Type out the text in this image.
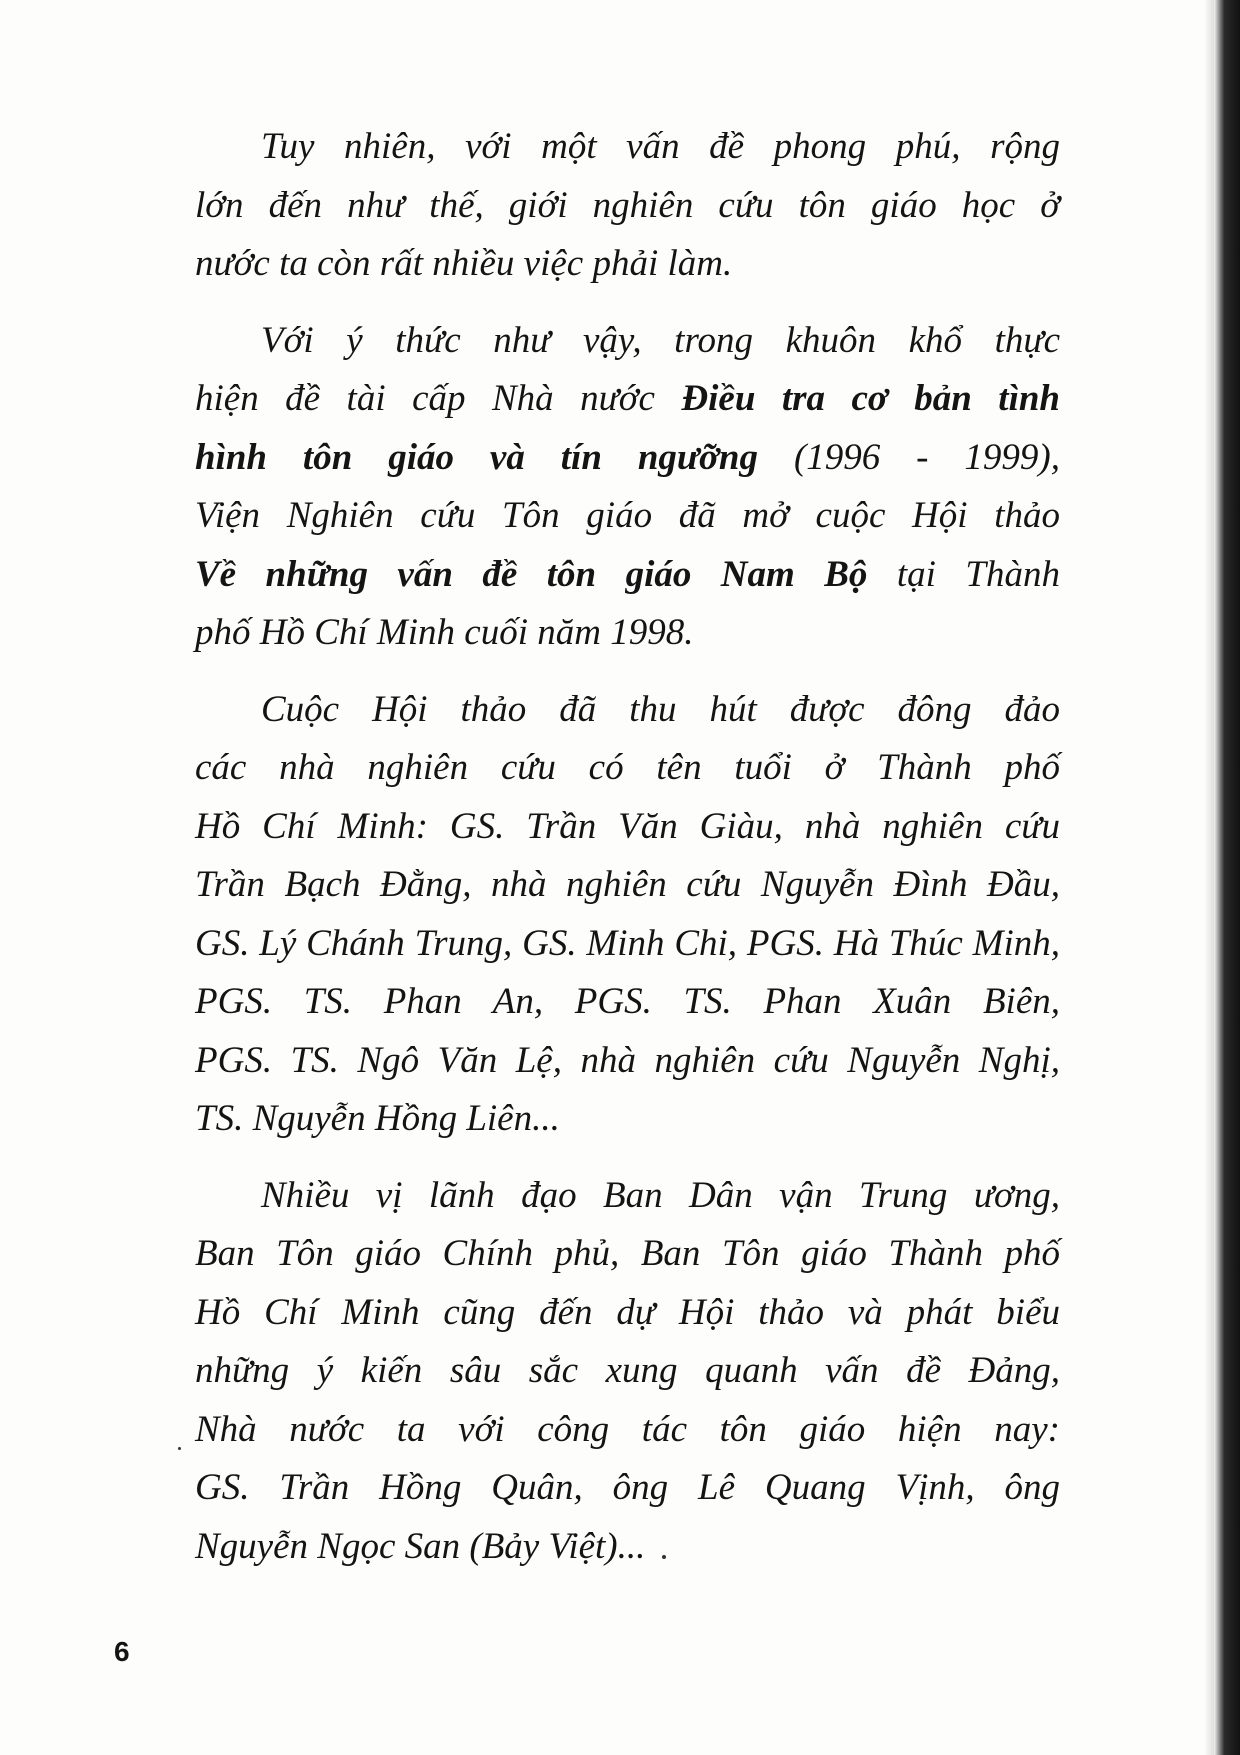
Tuy nhiên, với một vấn đề phong phú, rộng
lớn đến như thế, giới nghiên cứu tôn giáo học ở
nước ta còn rất nhiều việc phải làm.
Với ý thức như vậy, trong khuôn khổ thực
hiện đề tài cấp Nhà nước Điều tra cơ bản tình
hình tôn giáo và tín ngưỡng (1996 - 1999),
Viện Nghiên cứu Tôn giáo đã mở cuộc Hội thảo
Về những vấn đề tôn giáo Nam Bộ tại Thành
phố Hồ Chí Minh cuối năm 1998.
Cuộc Hội thảo đã thu hút được đông đảo
các nhà nghiên cứu có tên tuổi ở Thành phố
Hồ Chí Minh: GS. Trần Văn Giàu, nhà nghiên cứu
Trần Bạch Đằng, nhà nghiên cứu Nguyễn Đình Đầu,
GS. Lý Chánh Trung, GS. Minh Chi, PGS. Hà Thúc Minh,
PGS. TS. Phan An, PGS. TS. Phan Xuân Biên,
PGS. TS. Ngô Văn Lệ, nhà nghiên cứu Nguyễn Nghị,
TS. Nguyễn Hồng Liên...
Nhiều vị lãnh đạo Ban Dân vận Trung ương,
Ban Tôn giáo Chính phủ, Ban Tôn giáo Thành phố
Hồ Chí Minh cũng đến dự Hội thảo và phát biểu
những ý kiến sâu sắc xung quanh vấn đề Đảng,
Nhà nước ta với công tác tôn giáo hiện nay:
GS. Trần Hồng Quân, ông Lê Quang Vịnh, ông
Nguyễn Ngọc San (Bảy Việt)...
6
